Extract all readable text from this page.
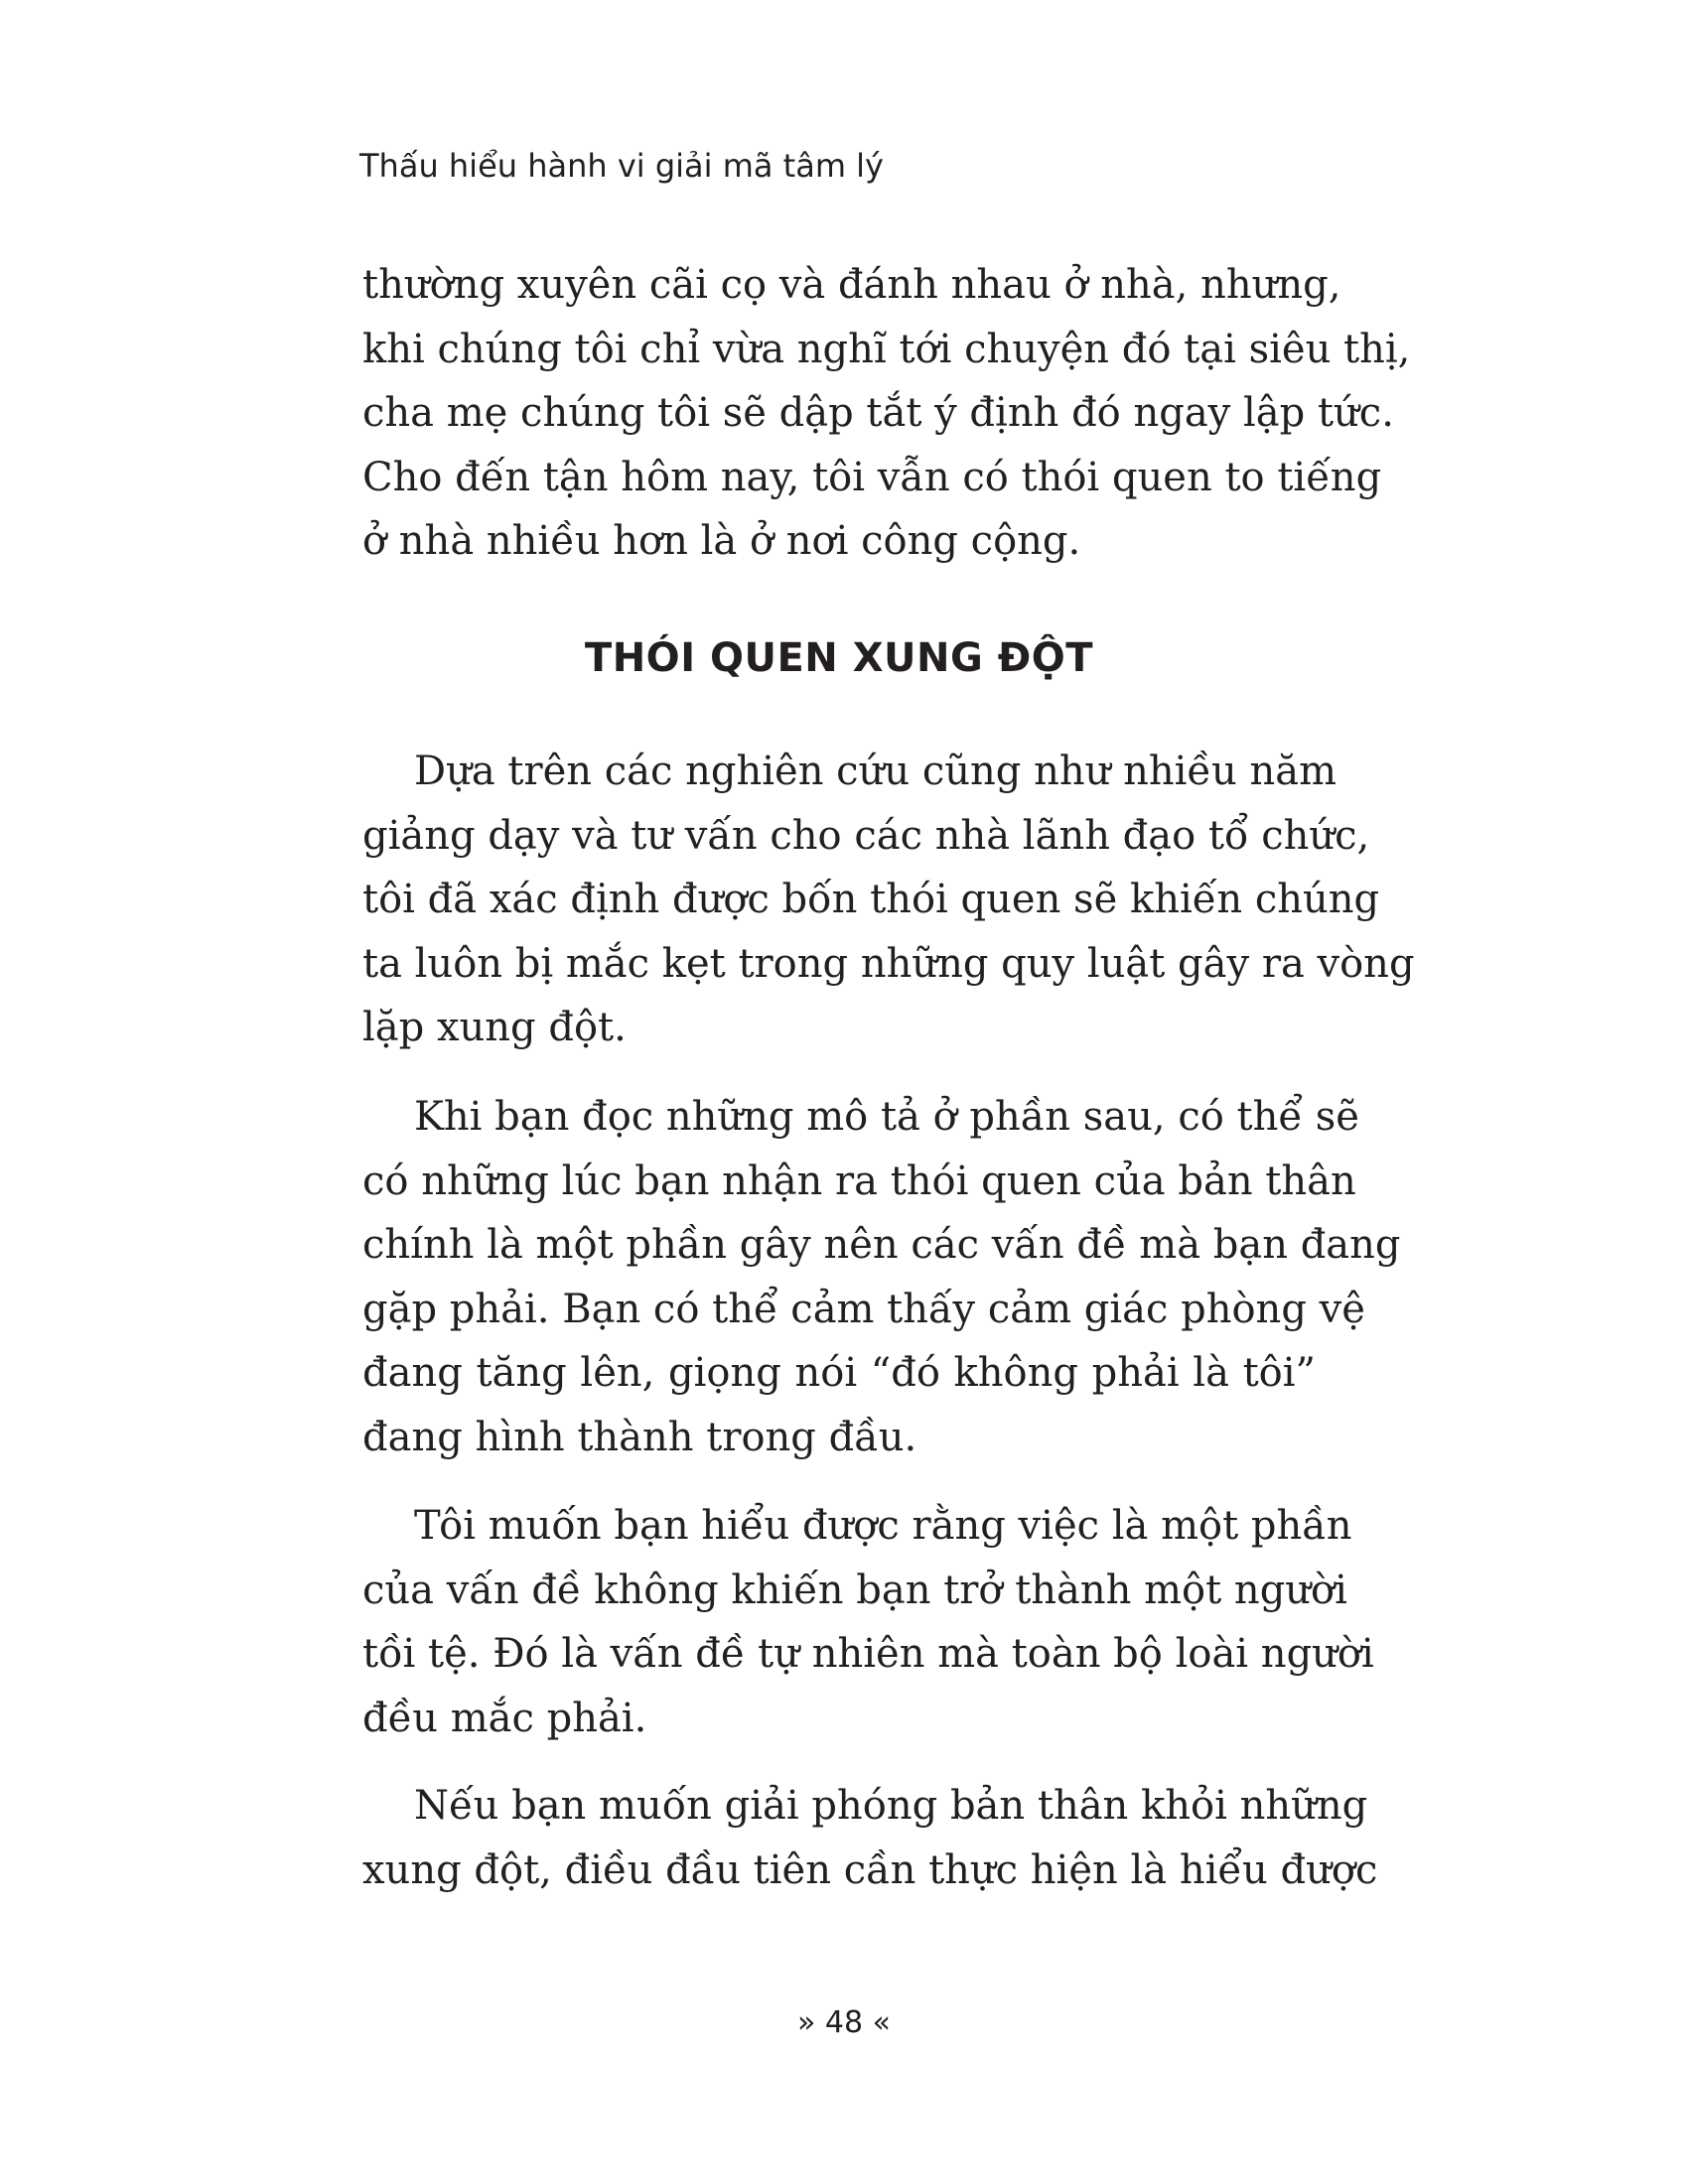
Thấu hiểu hành vi giải mã tâm lý

thường xuyên cãi cọ và đánh nhau ở nhà, nhưng,
khi chúng tôi chỉ vừa nghĩ tới chuyện đó tại siêu thị,
cha mẹ chúng tôi sẽ dập tắt ý định đó ngay lập tức.
Cho đến tận hôm nay, tôi vẫn có thói quen to tiếng
ở nhà nhiều hơn là ở nơi công cộng.

THÓI QUEN XUNG ĐỘT

Dựa trên các nghiên cứu cũng như nhiều năm
giảng dạy và tư vấn cho các nhà lãnh đạo tổ chức,
tôi đã xác định được bốn thói quen sẽ khiến chúng
ta luôn bị mắc kẹt trong những quy luật gây ra vòng
lặp xung đột.

Khi bạn đọc những mô tả ở phần sau, có thể sẽ
có những lúc bạn nhận ra thói quen của bản thân
chính là một phần gây nên các vấn đề mà bạn đang
gặp phải. Bạn có thể cảm thấy cảm giác phòng vệ
đang tăng lên, giọng nói “đó không phải là tôi”
đang hình thành trong đầu.

Tôi muốn bạn hiểu được rằng việc là một phần
của vấn đề không khiến bạn trở thành một người
tồi tệ. Đó là vấn đề tự nhiên mà toàn bộ loài người
đều mắc phải.

Nếu bạn muốn giải phóng bản thân khỏi những
xung đột, điều đầu tiên cần thực hiện là hiểu được

» 48 «
